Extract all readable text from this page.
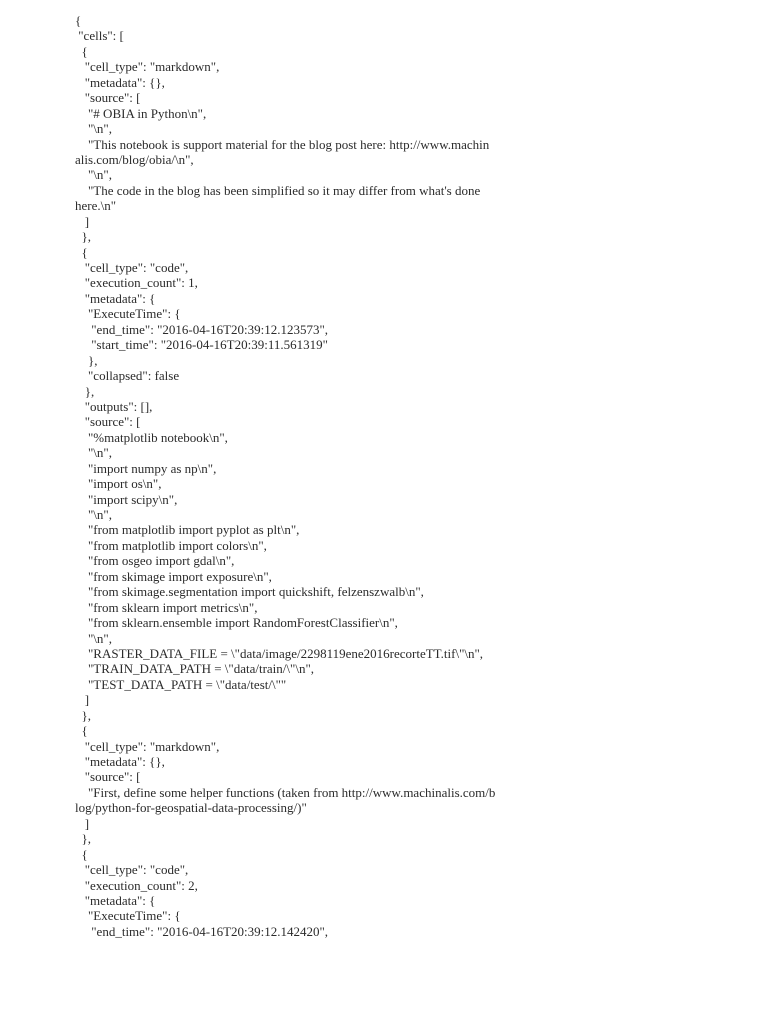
{
"cells": [
{
"cell_type": "markdown",
"metadata": {},
"source": [
"# OBIA in Python\n",
"\n",
"This notebook is support material for the blog post here: http://www.machin
alis.com/blog/obia/\n",
"\n",
"The code in the blog has been simplified so it may differ from what's done
here.\n"
]
},
{
"cell_type": "code",
"execution_count": 1,
"metadata": {
"ExecuteTime": {
"end_time": "2016-04-16T20:39:12.123573",
"start_time": "2016-04-16T20:39:11.561319"
},
"collapsed": false
},
"outputs": [],
"source": [
"%matplotlib notebook\n",
"\n",
"import numpy as np\n",
"import os\n",
"import scipy\n",
"\n",
"from matplotlib import pyplot as plt\n",
"from matplotlib import colors\n",
"from osgeo import gdal\n",
"from skimage import exposure\n",
"from skimage.segmentation import quickshift, felzenszwalb\n",
"from sklearn import metrics\n",
"from sklearn.ensemble import RandomForestClassifier\n",
"\n",
"RASTER_DATA_FILE = \"data/image/2298119ene2016recorteTT.tif\"\n",
"TRAIN_DATA_PATH = \"data/train/\"\n",
"TEST_DATA_PATH = \"data/test/\""
]
},
{
"cell_type": "markdown",
"metadata": {},
"source": [
"First, define some helper functions (taken from http://www.machinalis.com/b
log/python-for-geospatial-data-processing/)"
]
},
{
"cell_type": "code",
"execution_count": 2,
"metadata": {
"ExecuteTime": {
"end_time": "2016-04-16T20:39:12.142420",
